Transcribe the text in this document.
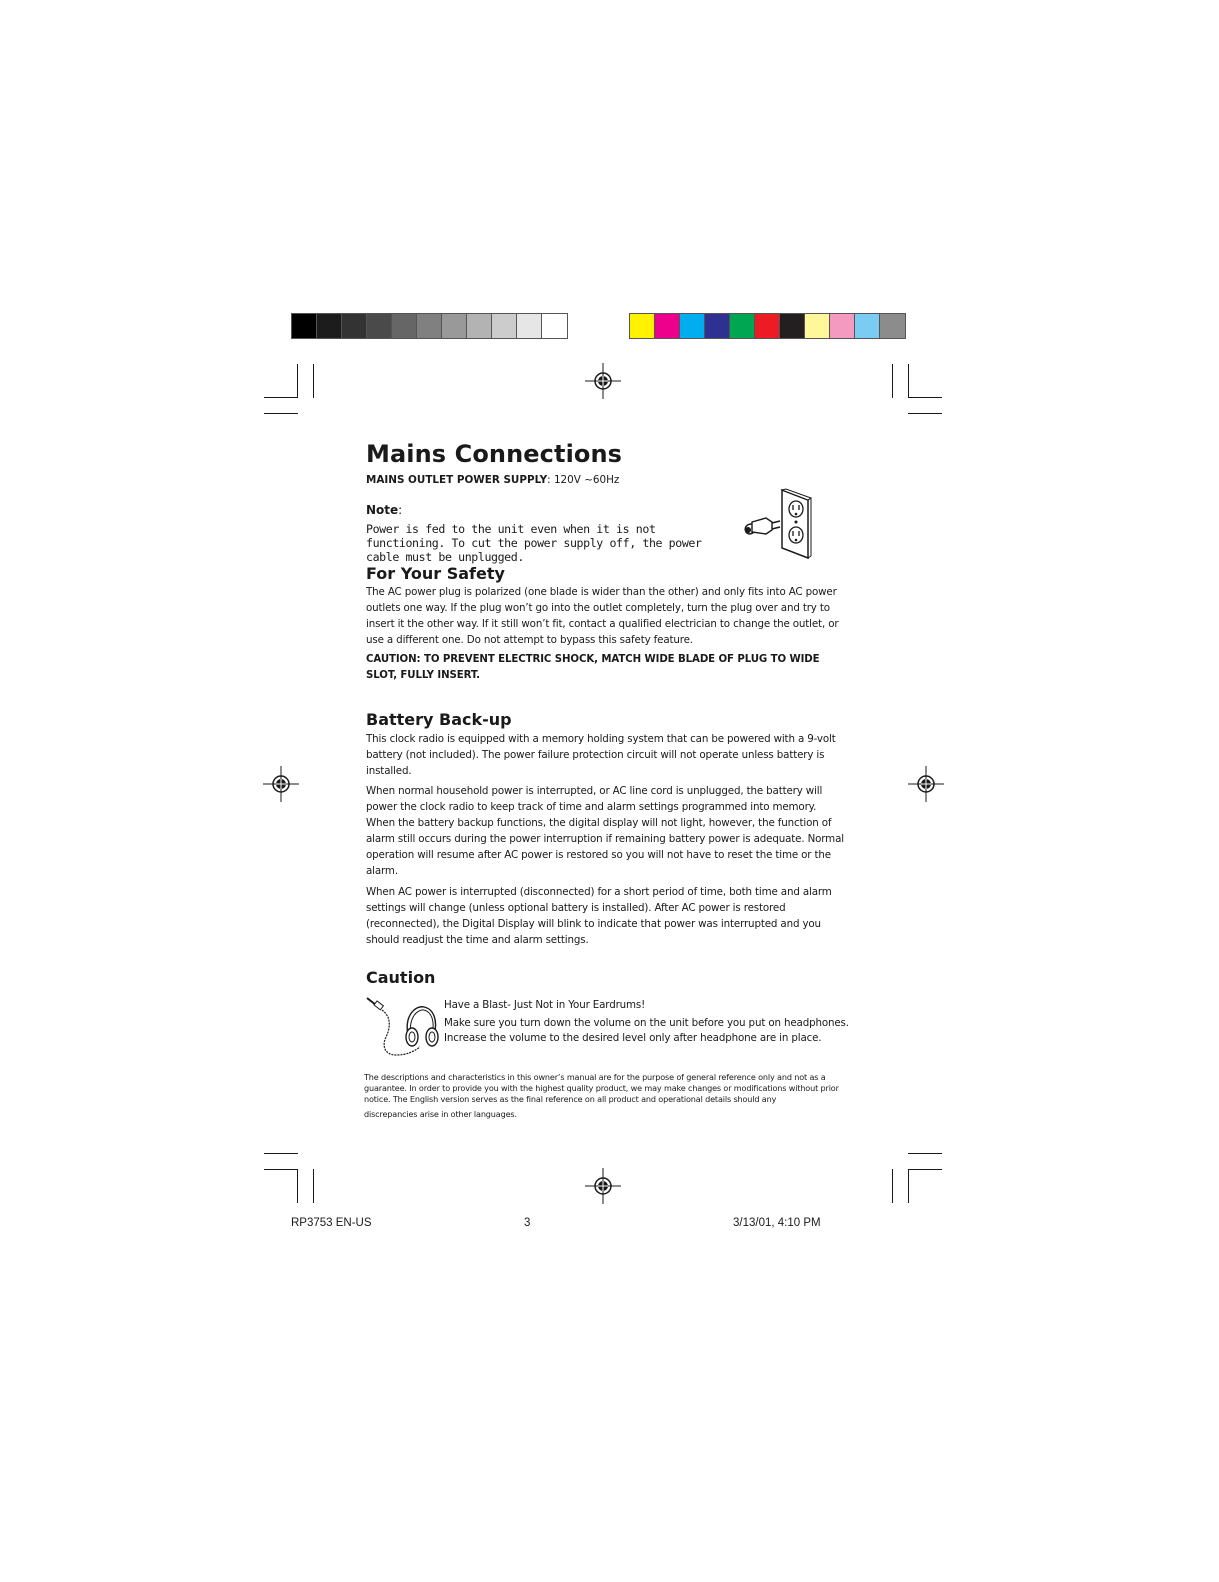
Mains Connections
MAINS OUTLET POWER SUPPLY: 120V ~60Hz
Note:
Power is fed to the unit even when it is not functioning. To cut the power supply off, the power cable must be unplugged.
For Your Safety

The AC power plug is polarized (one blade is wider than the other) and only fits into AC power outlets one way. If the plug won’t go into the outlet completely, turn the plug over and try to insert it the other way. If it still won’t fit, contact a qualified electrician to change the outlet, or use a different one. Do not attempt to bypass this safety feature.

CAUTION: TO PREVENT ELECTRIC SHOCK, MATCH WIDE BLADE OF PLUG TO WIDE SLOT, FULLY INSERT.

Battery Back-up

This clock radio is equipped with a memory holding system that can be powered with a 9-volt battery (not included). The power failure protection circuit will not operate unless battery is installed.

When normal household power is interrupted, or AC line cord is unplugged, the battery will power the clock radio to keep track of time and alarm settings programmed into memory. When the battery backup functions, the digital display will not light, however, the function of alarm still occurs during the power interruption if remaining battery power is adequate. Normal operation will resume after AC power is restored so you will not have to reset the time or the alarm.

When AC power is interrupted (disconnected) for a short period of time, both time and alarm settings will change (unless optional battery is installed). After AC power is restored (reconnected), the Digital Display will blink to indicate that power was interrupted and you should readjust the time and alarm settings.

Caution

Have a Blast- Just Not in Your Eardrums!

Make sure you turn down the volume on the unit before you put on headphones. Increase the volume to the desired level only after headphone are in place.

The descriptions and characteristics in this owner’s manual are for the purpose of general reference only and not as a guarantee. In order to provide you with the highest quality product, we may make changes or modifications without prior notice. The English version serves as the final reference on all product and operational details should any
discrepancies arise in other languages.

RP3753 EN-US	3	3/13/01, 4:10 PM
